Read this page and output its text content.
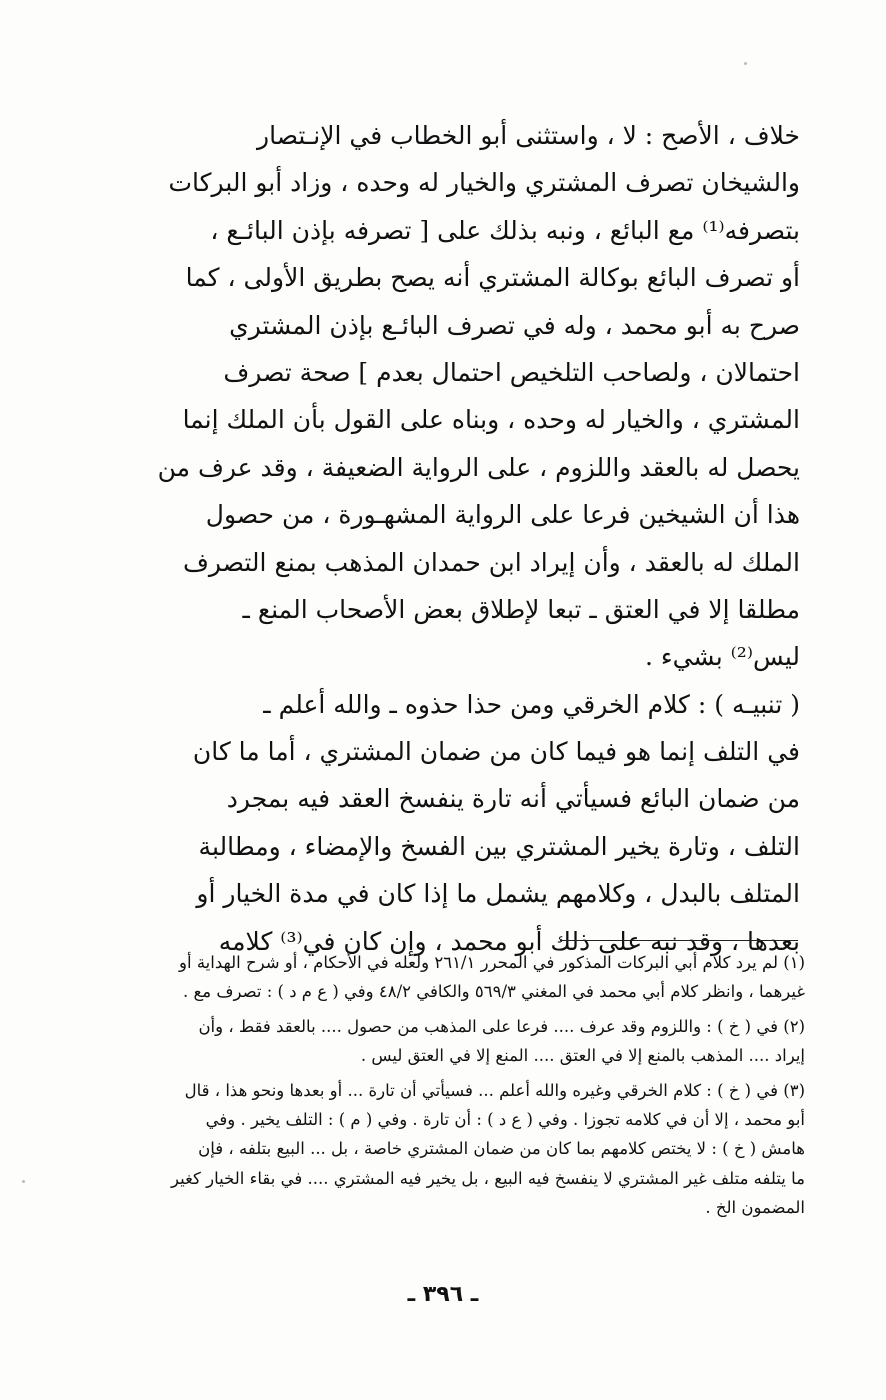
خلاف ، الأصح : لا ، واستثنى أبو الخطاب في الإنـتصار
والشيخان تصرف المشتري والخيار له وحده ، وزاد أبو البركات
بتصرفه⁽¹⁾ مع البائع ، ونبه بذلك على [ تصرفه بإذن البائـع ،
أو تصرف البائع بوكالة المشتري أنه يصح بطريق الأولى ، كما
صرح به أبو محمد ، وله في تصرف البائـع بإذن المشتري
احتمالان ، ولصاحب التلخيص احتمال بعدم ] صحة تصرف
المشتري ، والخيار له وحده ، وبناه على القول بأن الملك إنما
يحصل له بالعقد واللزوم ، على الرواية الضعيفة ، وقد عرف من
هذا أن الشيخين فرعا على الرواية المشهـورة ، من حصول
الملك له بالعقد ، وأن إيراد ابن حمدان المذهب بمنع التصرف
مطلقا إلا في العتق ـ تبعا لإطلاق بعض الأصحاب المنع ـ
ليس⁽²⁾ بشيء .
( تنبيـه ) : كلام الخرقي ومن حذا حذوه ـ والله أعلم ـ
في التلف إنما هو فيما كان من ضمان المشتري ، أما ما كان
من ضمان البائع فسيأتي أنه تارة ينفسخ العقد فيه بمجرد
التلف ، وتارة يخير المشتري بين الفسخ والإمضاء ، ومطالبة
المتلف بالبدل ، وكلامهم يشمل ما إذا كان في مدة الخيار أو
بعدها ، وقد نبه على ذلك أبو محمد ، وإن كان في⁽³⁾ كلامه
(١) لم يرد كلام أبي البركات المذكور في المحرر ٢٦١/١ ولعله في الأحكام ، أو شرح الهداية أو
غيرهما ، وانظر كلام أبي محمد في المغني ٥٦٩/٣ والكافي ٤٨/٢ وفي ( ع م د ) : تصرف مع .
(٢) في ( خ ) : واللزوم وقد عرف .... فرعا على المذهب من حصول .... بالعقد فقط ، وأن
إيراد .... المذهب بالمنع إلا في العتق .... المنع إلا في العتق ليس .
(٣) في ( خ ) : كلام الخرقي وغيره والله أعلم ... فسيأتي أن تارة ... أو بعدها ونحو هذا ، قال
أبو محمد ، إلا أن في كلامه تجوزا . وفي ( ع د ) : أن تارة . وفي ( م ) : التلف يخير . وفي
هامش ( خ ) : لا يختص كلامهم بما كان من ضمان المشتري خاصة ، بل ... البيع بتلفه ، فإن
ما يتلفه متلف غير المشتري لا ينفسخ فيه البيع ، بل يخير فيه المشتري .... في بقاء الخيار كغير
المضمون الخ .
ـ ٣٩٦ ـ
